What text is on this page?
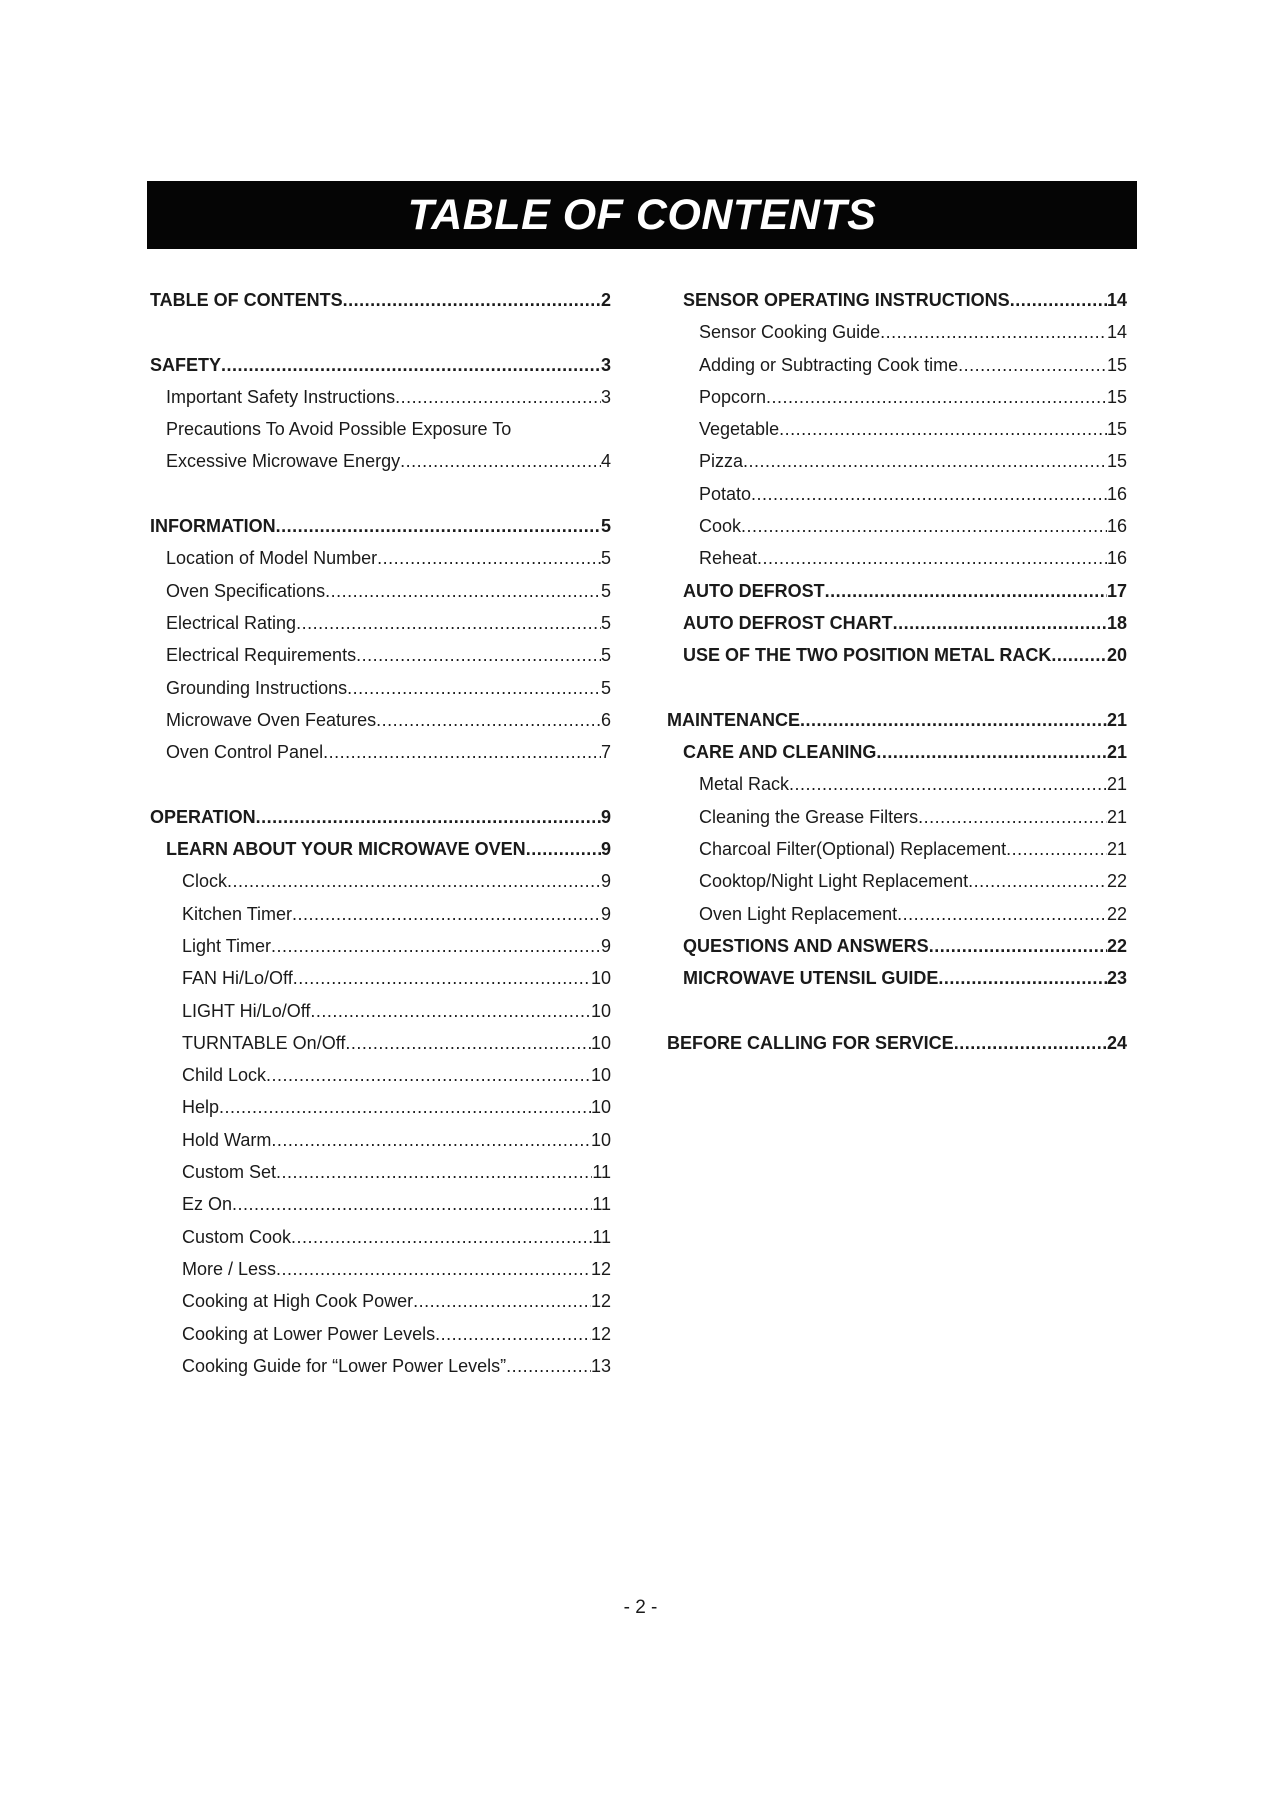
TABLE OF CONTENTS
TABLE OF CONTENTS .....	2
SAFETY .....	3
Important Safety Instructions .....	3
Precautions To Avoid Possible Exposure To
Excessive Microwave Energy .....	4
INFORMATION .....	5
Location of Model Number .....	5
Oven Specifications .....	5
Electrical Rating .....	5
Electrical Requirements .....	5
Grounding Instructions .....	5
Microwave Oven Features .....	6
Oven Control Panel .....	7
OPERATION .....	9
LEARN ABOUT YOUR MICROWAVE OVEN .....	9
Clock .....	9
Kitchen Timer .....	9
Light Timer .....	9
FAN Hi/Lo/Off .....	10
LIGHT Hi/Lo/Off .....	10
TURNTABLE On/Off .....	10
Child Lock .....	10
Help .....	10
Hold Warm .....	10
Custom Set .....	11
Ez On .....	11
Custom Cook .....	11
More / Less .....	12
Cooking at High Cook Power .....	12
Cooking at Lower Power Levels .....	12
Cooking Guide for “Lower Power Levels” .....	13
SENSOR OPERATING INSTRUCTIONS .....	14
Sensor Cooking Guide .....	14
Adding or Subtracting Cook time .....	15
Popcorn .....	15
Vegetable .....	15
Pizza .....	15
Potato .....	16
Cook .....	16
Reheat .....	16
AUTO DEFROST .....	17
AUTO DEFROST CHART .....	18
USE OF THE TWO POSITION METAL RACK .....	20
MAINTENANCE .....	21
CARE AND CLEANING .....	21
Metal Rack .....	21
Cleaning the Grease Filters .....	21
Charcoal Filter(Optional) Replacement .....	21
Cooktop/Night Light Replacement .....	22
Oven Light Replacement .....	22
QUESTIONS AND ANSWERS .....	22
MICROWAVE UTENSIL GUIDE .....	23
BEFORE CALLING FOR SERVICE .....	24
- 2 -
